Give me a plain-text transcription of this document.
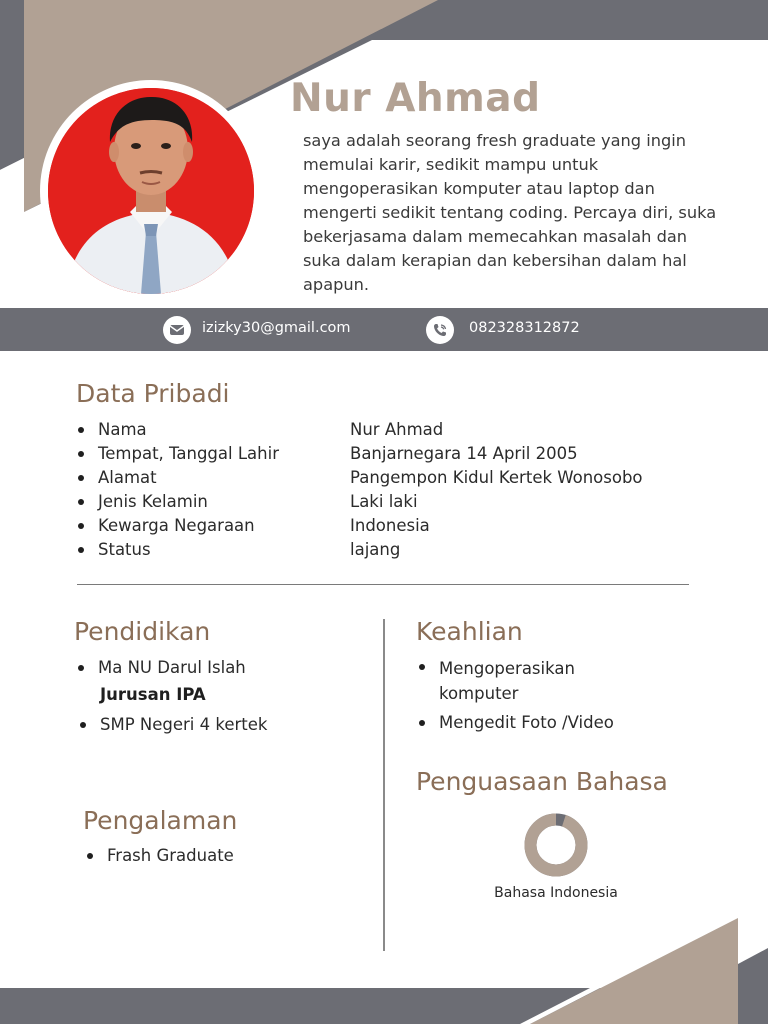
Nur Ahmad
saya adalah seorang fresh graduate yang ingin memulai karir, sedikit mampu untuk mengoperasikan komputer atau laptop dan mengerti sedikit tentang coding. Percaya diri, suka bekerjasama dalam memecahkan masalah dan suka dalam kerapian dan kebersihan dalam hal apapun.
izizky30@gmail.com	082328312872
Data Pribadi
Nama
Tempat, Tanggal Lahir
Alamat
Jenis Kelamin
Kewarga Negaraan
Status
Nur Ahmad
Banjarnegara 14 April 2005
Pangempon Kidul Kertek Wonosobo
Laki laki
Indonesia
lajang
Pendidikan
Ma NU Darul Islah
Jurusan IPA
SMP Negeri 4 kertek
Pengalaman
Frash Graduate
Keahlian
Mengoperasikan
komputer
Mengedit Foto /Video
Penguasaan Bahasa
Bahasa Indonesia
